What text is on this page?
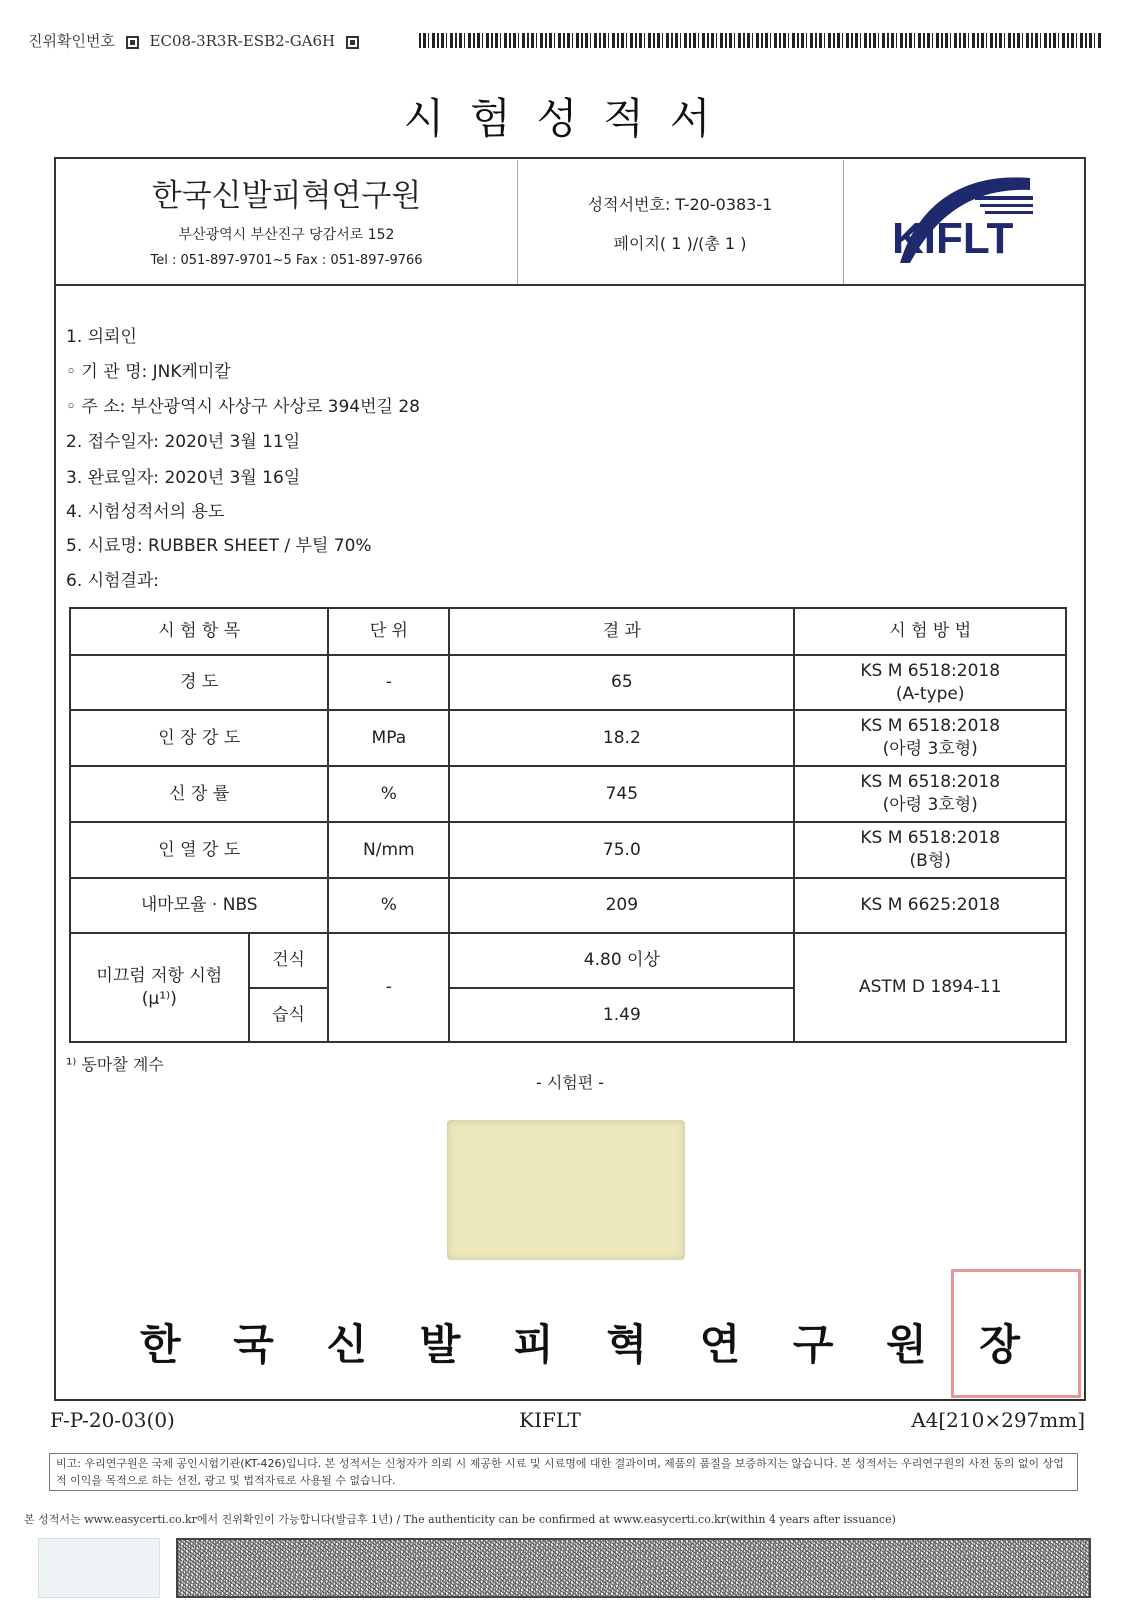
진위확인번호 EC08-3R3R-ESB2-GA6H
시험성적서
한국신발피혁연구원
부산광역시 부산진구 당감서로 152
Tel : 051-897-9701~5 Fax : 051-897-9766
성적서번호: T-20-0383-1
페이지( 1 )/(총 1 )	KIFLT
1. 의뢰인
◦ 기 관 명: JNK케미칼
◦ 주 소: 부산광역시 사상구 사상로 394번길 28
2. 접수일자: 2020년 3월 11일
3. 완료일자: 2020년 3월 16일
4. 시험성적서의 용도
5. 시료명: RUBBER SHEET / 부틸 70%
6. 시험결과:
시 험 항 목		단 위	결 과	시 험 방 법
경 도		-	65	KS M 6518:2018
(A-type)

인 장 강 도		MPa	18.2	KS M 6518:2018
(아령 3호형)

신 장 률		%	745	KS M 6518:2018
(아령 3호형)

인 열 강 도		N/mm	75.0	KS M 6518:2018
(B형)

내마모율 · NBS		%	209	KS M 6625:2018

미끄럼 저항 시험
(μ¹⁾)	건식	-	4.80 이상	ASTM D 1894-11
	습식		1.49	
¹⁾ 동마찰 계수
- 시험편 -
한 국 신 발 피 혁 연 구 원 장
F-P-20-03(0)	KIFLT	A4[210×297mm]
비고: 우리연구원은 국제 공인시험기관(KT-426)입니다. 본 성적서는 신청자가 의뢰 시 제공한 시료 및 시료명에 대한 결과이며, 제품의 품질을 보증하지는 않습니다. 본 성적서는 우리연구원의 사전 동의 없이 상업적 이익을 목적으로 하는 선전, 광고 및 법적자료로 사용될 수 없습니다.
본 성적서는 www.easycerti.co.kr에서 진위확인이 가능합니다(발급후 1년) / The authenticity can be confirmed at www.easycerti.co.kr(within 4 years after issuance)
